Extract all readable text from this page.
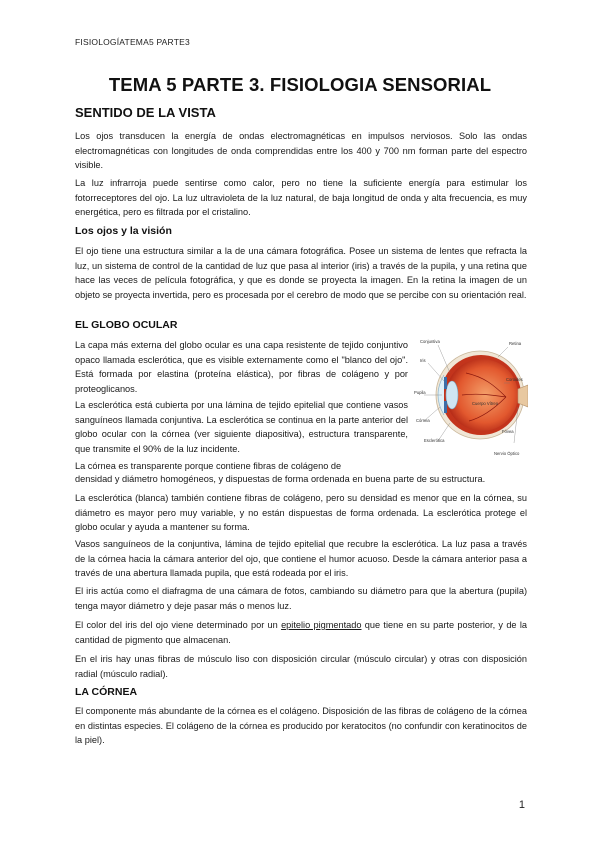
FISIOLOGÍATEMA5 PARTE3
TEMA 5 PARTE 3. FISIOLOGIA SENSORIAL
SENTIDO DE LA VISTA

Los ojos transducen la energía de ondas electromagnéticas en impulsos nerviosos. Solo las ondas electromagnéticas con longitudes de onda comprendidas entre los 400 y 700 nm forman parte del espectro visible.

La luz infrarroja puede sentirse como calor, pero no tiene la suficiente energía para estimular los fotorreceptores del ojo. La luz ultravioleta de la luz natural, de baja longitud de onda y alta frecuencia, es muy energética, pero es filtrada por el cristalino.

Los ojos y la visión

El ojo tiene una estructura similar a la de una cámara fotográfica. Posee un sistema de lentes que refracta la luz, un sistema de control de la cantidad de luz que pasa al interior (iris) a través de la pupila, y una retina que hace las veces de película fotográfica, y que es donde se proyecta la imagen. En la retina la imagen de un objeto se proyecta invertida, pero es procesada por el cerebro de modo que se percibe con su orientación real.

EL GLOBO OCULAR

La capa más externa del globo ocular es una capa resistente de tejido conjuntivo opaco llamada esclerótica, que es visible externamente como el "blanco del ojo". Está formada por elastina (proteína elástica), por fibras de colágeno y por proteoglicanos.

La esclerótica está cubierta por una lámina de tejido epitelial que contiene vasos sanguíneos llamada conjuntiva. La esclerótica se continua en la parte anterior del globo ocular con la córnea (ver siguiente diapositiva), estructura transparente, que transmite el 90% de la luz incidente.

La córnea es transparente porque contiene fibras de colágeno de

densidad y diámetro homogéneos, y dispuestas de forma ordenada en buena parte de su estructura.

La esclerótica (blanca) también contiene fibras de colágeno, pero su densidad es menor que en la córnea, su diámetro es mayor pero muy variable, y no están dispuestas de forma ordenada. La esclerótica protege el globo ocular y ayuda a mantener su forma.

Vasos sanguíneos de la conjuntiva, lámina de tejido epitelial que recubre la esclerótica. La luz pasa a través de la córnea hacia la cámara anterior del ojo, que contiene el humor acuoso. Desde la cámara anterior pasa a través de una abertura llamada pupila, que está rodeada por el iris.

El iris actúa como el diafragma de una cámara de fotos, cambiando su diámetro para que la abertura (pupila) tenga mayor diámetro y deje pasar más o menos luz.

El color del iris del ojo viene determinado por un epitelio pigmentado que tiene en su parte posterior, y de la cantidad de pigmento que almacenan.

En el iris hay unas fibras de músculo liso con disposición circular (músculo circular) y otras con disposición radial (músculo radial).

LA CÓRNEA

El componente más abundante de la córnea es el colágeno. Disposición de las fibras de colágeno de la córnea en distintas especies. El colágeno de la córnea es producido por keratocitos (no confundir con keratinocitos de la piel).

Conjuntiva
Iris
Pupila
Córnea
Esclerótica
Retina
Coroides
Cuerpo Vítreo
Fóvea
Nervio Óptico
1
